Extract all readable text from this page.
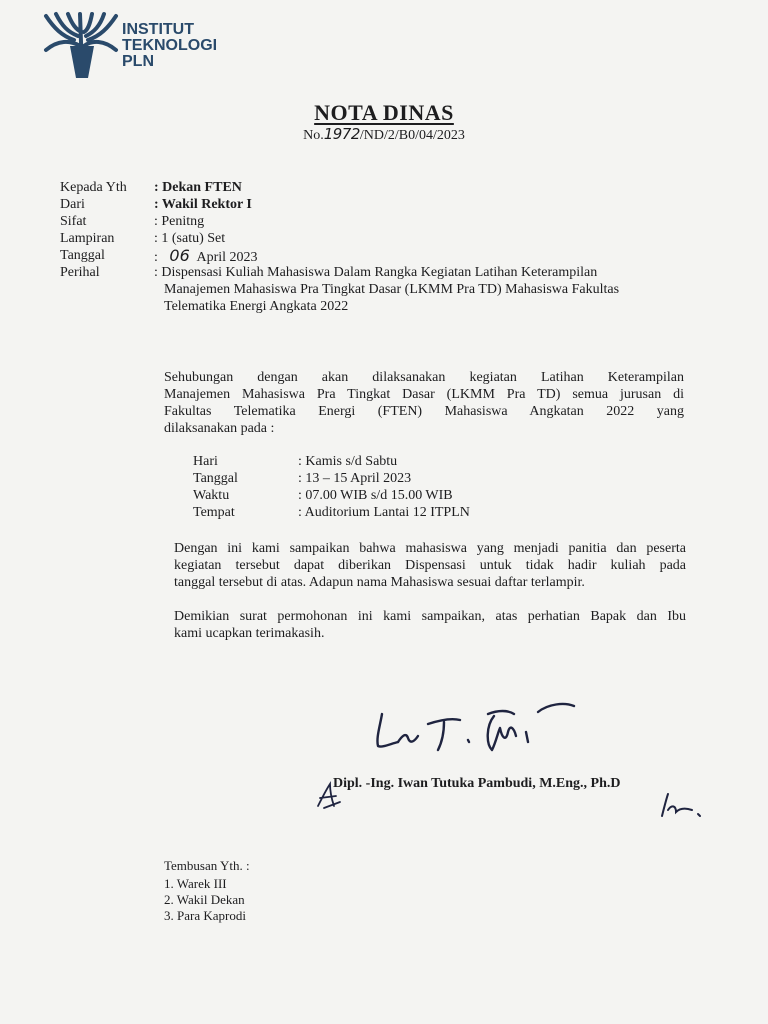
INSTITUT
TEKNOLOGI
PLN
NOTA DINAS
No.1972/ND/2/B0/04/2023
Kepada Yth : Dekan FTEN
Dari	: Wakil Rektor I
Sifat	: Penitng
Lampiran	: 1 (satu) Set
Tanggal	: 06 April 2023
Perihal	: Dispensasi Kuliah Mahasiswa Dalam Rangka Kegiatan Latihan Keterampilan
Manajemen Mahasiswa Pra Tingkat Dasar (LKMM Pra TD) Mahasiswa Fakultas
Telematika Energi Angkata 2022
Sehubungan dengan akan dilaksanakan kegiatan Latihan Keterampilan
Manajemen Mahasiswa Pra Tingkat Dasar (LKMM Pra TD) semua jurusan di
Fakultas Telematika Energi (FTEN) Mahasiswa Angkatan 2022 yang
dilaksanakan pada :
Hari	: Kamis s/d Sabtu
Tanggal	: 13 – 15 April 2023
Waktu	: 07.00 WIB s/d 15.00 WIB
Tempat	: Auditorium Lantai 12 ITPLN
Dengan ini kami sampaikan bahwa mahasiswa yang menjadi panitia dan peserta
kegiatan tersebut dapat diberikan Dispensasi untuk tidak hadir kuliah pada
tanggal tersebut di atas. Adapun nama Mahasiswa sesuai daftar terlampir.
Demikian surat permohonan ini kami sampaikan, atas perhatian Bapak dan Ibu
kami ucapkan terimakasih.
Dipl. -Ing. Iwan Tutuka Pambudi, M.Eng., Ph.D
Tembusan Yth. :
1. Warek III
2. Wakil Dekan
3. Para Kaprodi
